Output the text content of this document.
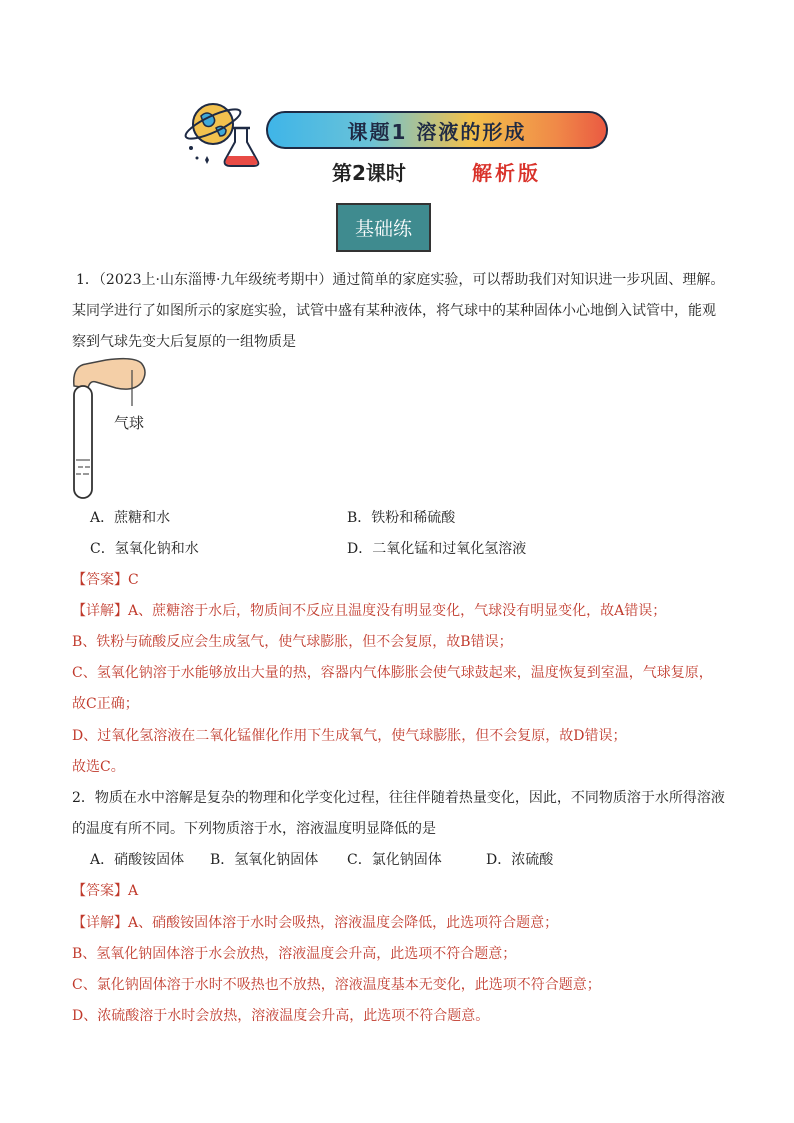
课题1 溶液的形成
第2课时	解析版
基础练
1．（2023上·山东淄博·九年级统考期中）通过简单的家庭实验，可以帮助我们对知识进一步巩固、理解。
某同学进行了如图所示的家庭实验，试管中盛有某种液体，将气球中的某种固体小心地倒入试管中，能观
察到气球先变大后复原的一组物质是
气球
A．蔗糖和水	B．铁粉和稀硫酸
C．氢氧化钠和水	D．二氧化锰和过氧化氢溶液
【答案】C
【详解】A、蔗糖溶于水后，物质间不反应且温度没有明显变化，气球没有明显变化，故A错误；
B、铁粉与硫酸反应会生成氢气，使气球膨胀，但不会复原，故B错误；
C、氢氧化钠溶于水能够放出大量的热，容器内气体膨胀会使气球鼓起来，温度恢复到室温，气球复原，
故C正确；
D、过氧化氢溶液在二氧化锰催化作用下生成氧气，使气球膨胀，但不会复原，故D错误；
故选C。
2．物质在水中溶解是复杂的物理和化学变化过程，往往伴随着热量变化，因此，不同物质溶于水所得溶液
的温度有所不同。下列物质溶于水，溶液温度明显降低的是
A．硝酸铵固体 B．氢氧化钠固体 C．氯化钠固体	D．浓硫酸
【答案】A
【详解】A、硝酸铵固体溶于水时会吸热，溶液温度会降低，此选项符合题意；
B、氢氧化钠固体溶于水会放热，溶液温度会升高，此选项不符合题意；
C、氯化钠固体溶于水时不吸热也不放热，溶液温度基本无变化，此选项不符合题意；
D、浓硫酸溶于水时会放热，溶液温度会升高，此选项不符合题意。
